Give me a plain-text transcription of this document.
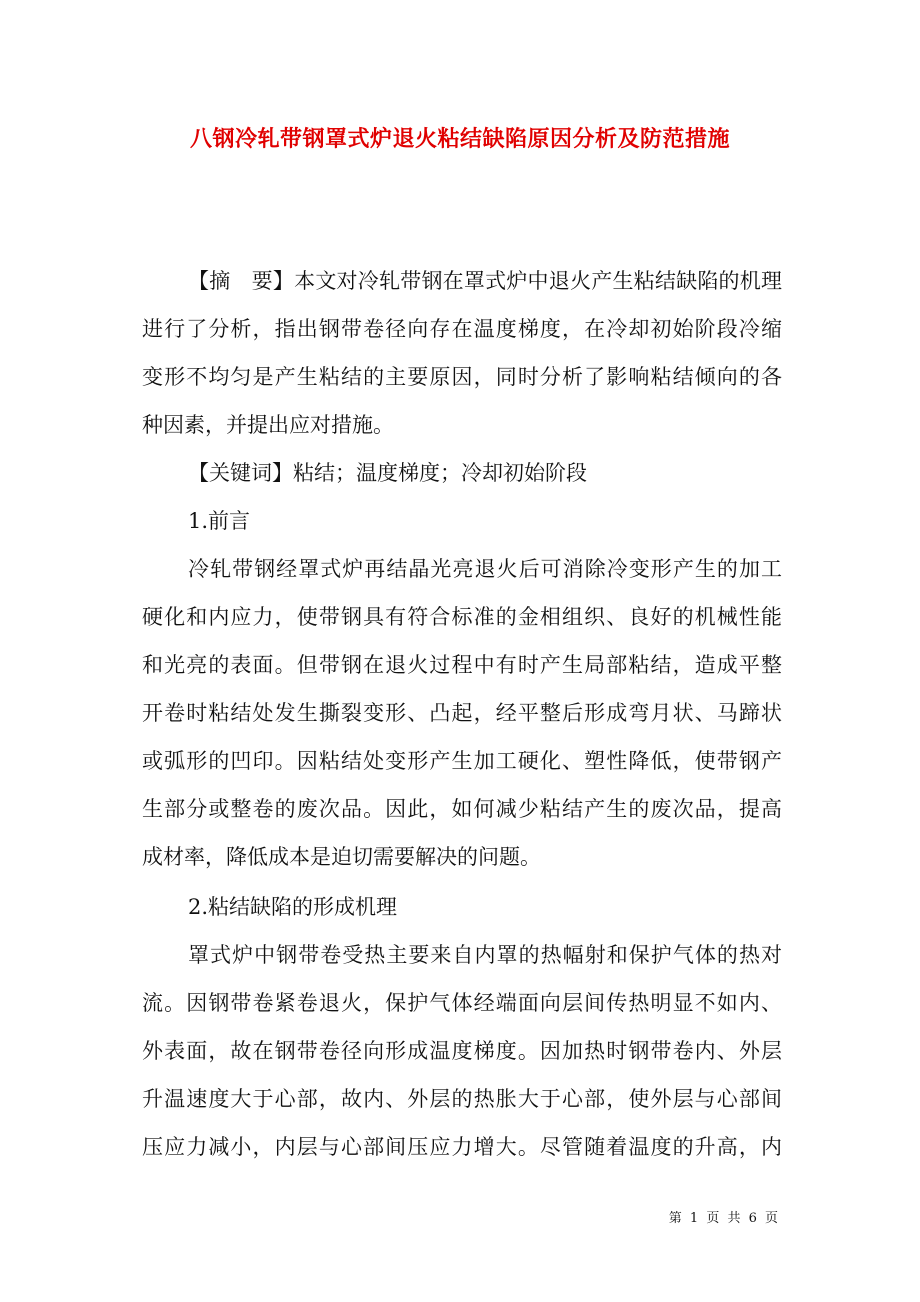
八钢冷轧带钢罩式炉退火粘结缺陷原因分析及防范措施
【摘　要】本文对冷轧带钢在罩式炉中退火产生粘结缺陷的机理
进行了分析，指出钢带卷径向存在温度梯度，在冷却初始阶段冷缩
变形不均匀是产生粘结的主要原因，同时分析了影响粘结倾向的各
种因素，并提出应对措施。
【关键词】粘结；温度梯度；冷却初始阶段
1.前言
冷轧带钢经罩式炉再结晶光亮退火后可消除冷变形产生的加工
硬化和内应力，使带钢具有符合标准的金相组织、良好的机械性能
和光亮的表面。但带钢在退火过程中有时产生局部粘结，造成平整
开卷时粘结处发生撕裂变形、凸起，经平整后形成弯月状、马蹄状
或弧形的凹印。因粘结处变形产生加工硬化、塑性降低，使带钢产
生部分或整卷的废次品。因此，如何减少粘结产生的废次品，提高
成材率，降低成本是迫切需要解决的问题。
2.粘结缺陷的形成机理
罩式炉中钢带卷受热主要来自内罩的热幅射和保护气体的热对
流。因钢带卷紧卷退火，保护气体经端面向层间传热明显不如内、
外表面，故在钢带卷径向形成温度梯度。因加热时钢带卷内、外层
升温速度大于心部，故内、外层的热胀大于心部，使外层与心部间
压应力减小，内层与心部间压应力增大。尽管随着温度的升高，内
第 1 页 共 6 页
